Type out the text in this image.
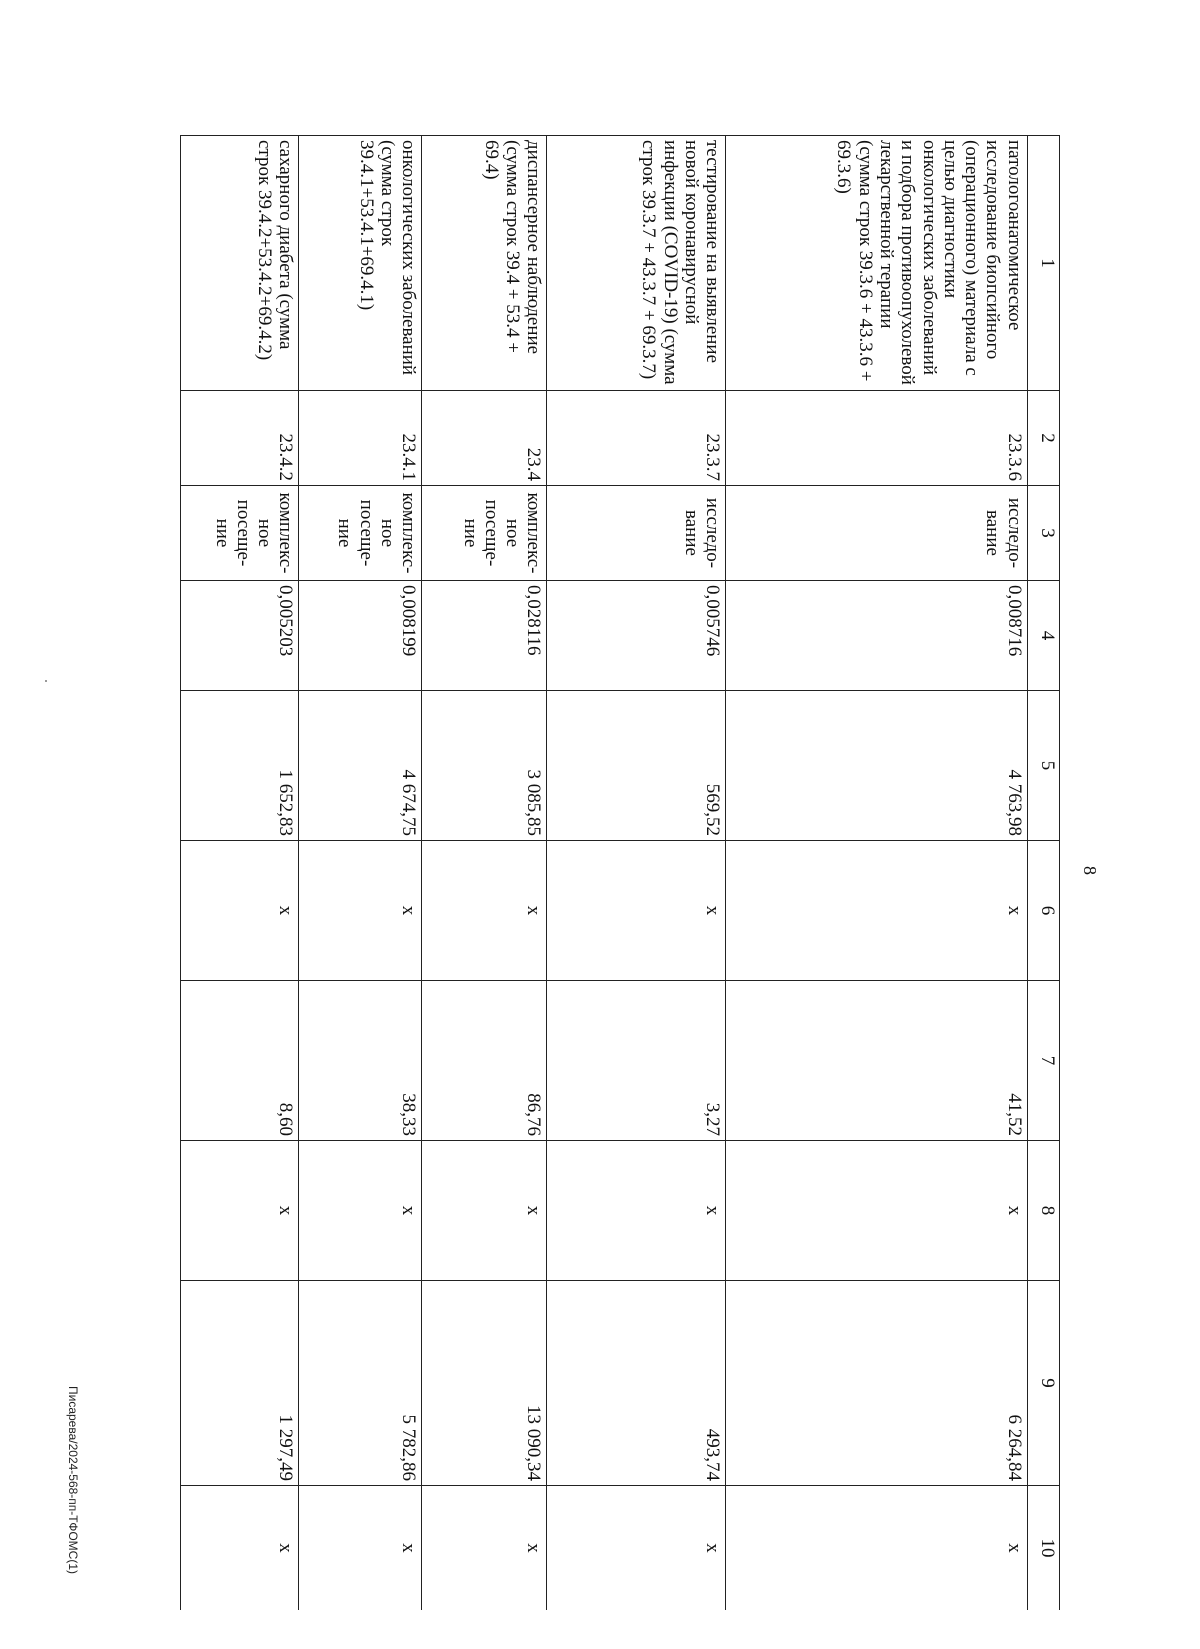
8
1	2	3	4	5	6	7	8	9	10
патологоанатомическое исследование биопсийного (операционного) материала с целью диагностики онкологических заболеваний и подбора противоопухолевой лекарственной терапии (сумма строк 39.3.6 + 43.3.6 + 69.3.6)	23.3.6	исследо-вание	0,008716	4 763,98	х	41,52	х	6 264,84	х
тестирование на выявление новой коронавирусной инфекции (COVID-19) (сумма строк 39.3.7 + 43.3.7 + 69.3.7)	23.3.7	исследо-вание	0,005746	569,52	х	3,27	х	493,74	х
диспансерное наблюдение (сумма строк 39.4 + 53.4 + 69.4)	23.4	комплекс-ное посеще-ние	0,028116	3 085,85	х	86,76	х	13 090,34	х
онкологических заболеваний (сумма строк 39.4.1+53.4.1+69.4.1)	23.4.1	комплекс-ное посеще-ние	0,008199	4 674,75	х	38,33	х	5 782,86	х
сахарного диабета (сумма строк 39.4.2+53.4.2+69.4.2)	23.4.2	комплекс-ное посеще-ние	0,005203	1 652,83	х	8,60	х	1 297,49	х
Писарева/2024-568-пп-ТФОМС(1)
